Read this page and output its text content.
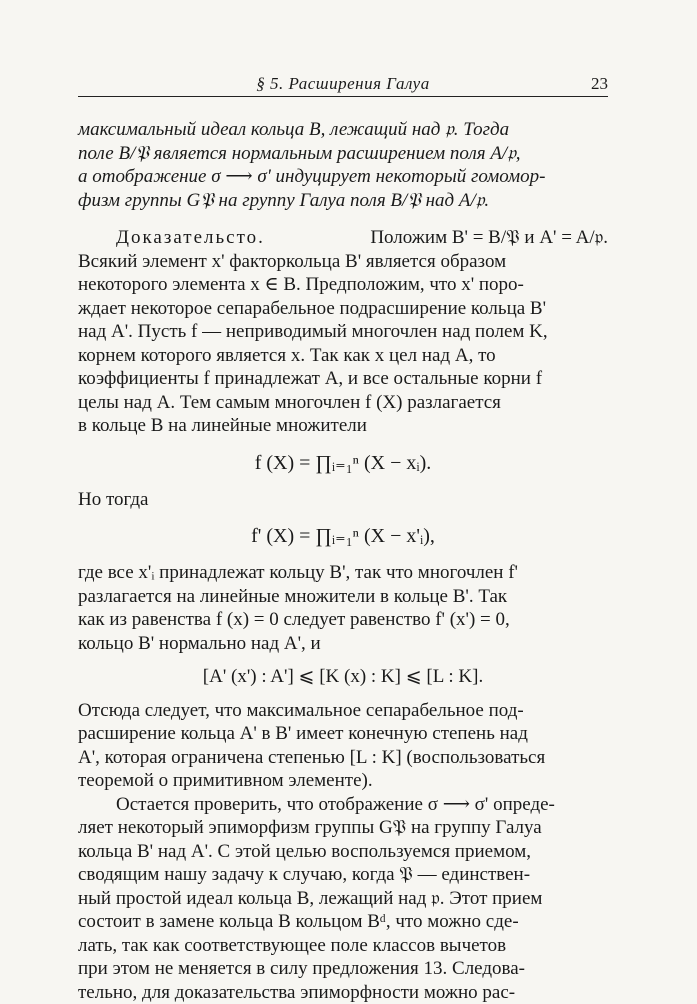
§ 5. Расширения Галуа	23
максимальный идеал кольца B, лежащий над 𝔭. Тогда
поле B/𝔓 является нормальным расширением поля A/𝔭,
а отображение σ ⟶ σ' индуцирует некоторый гомомор-
физм группы G𝔓 на группу Галуа поля B/𝔓 над A/𝔭.
Доказательсто.	Положим B' = B/𝔓 и A' = A/𝔭.
Всякий элемент x' факторкольца B' является образом
некоторого элемента x ∈ B. Предположим, что x' поро-
ждает некоторое сепарабельное подрасширение кольца B'
над A'. Пусть f — неприводимый многочлен над полем K,
корнем которого является x. Так как x цел над A, то
коэффициенты f принадлежат A, и все остальные корни f
целы над A. Тем самым многочлен f (X) разлагается
в кольце B на линейные множители
f (X) = ∏ᵢ₌₁ⁿ (X − xᵢ).
Но тогда
f' (X) = ∏ᵢ₌₁ⁿ (X − x'ᵢ),
где все x'ᵢ принадлежат кольцу B', так что многочлен f'
разлагается на линейные множители в кольце B'. Так
как из равенства f (x) = 0 следует равенство f' (x') = 0,
кольцо B' нормально над A', и
[A' (x') : A'] ⩽ [K (x) : K] ⩽ [L : K].
Отсюда следует, что максимальное сепарабельное под-
расширение кольца A' в B' имеет конечную степень над
A', которая ограничена степенью [L : K] (воспользоваться
теоремой о примитивном элементе).
Остается проверить, что отображение σ ⟶ σ' опреде-
ляет некоторый эпиморфизм группы G𝔓 на группу Галуа
кольца B' над A'. С этой целью воспользуемся приемом,
сводящим нашу задачу к случаю, когда 𝔓 — единствен-
ный простой идеал кольца B, лежащий над 𝔭. Этот прием
состоит в замене кольца B кольцом Bᵈ, что можно сде-
лать, так как соответствующее поле классов вычетов
при этом не меняется в силу предложения 13. Следова-
тельно, для доказательства эпиморфности можно рас-
